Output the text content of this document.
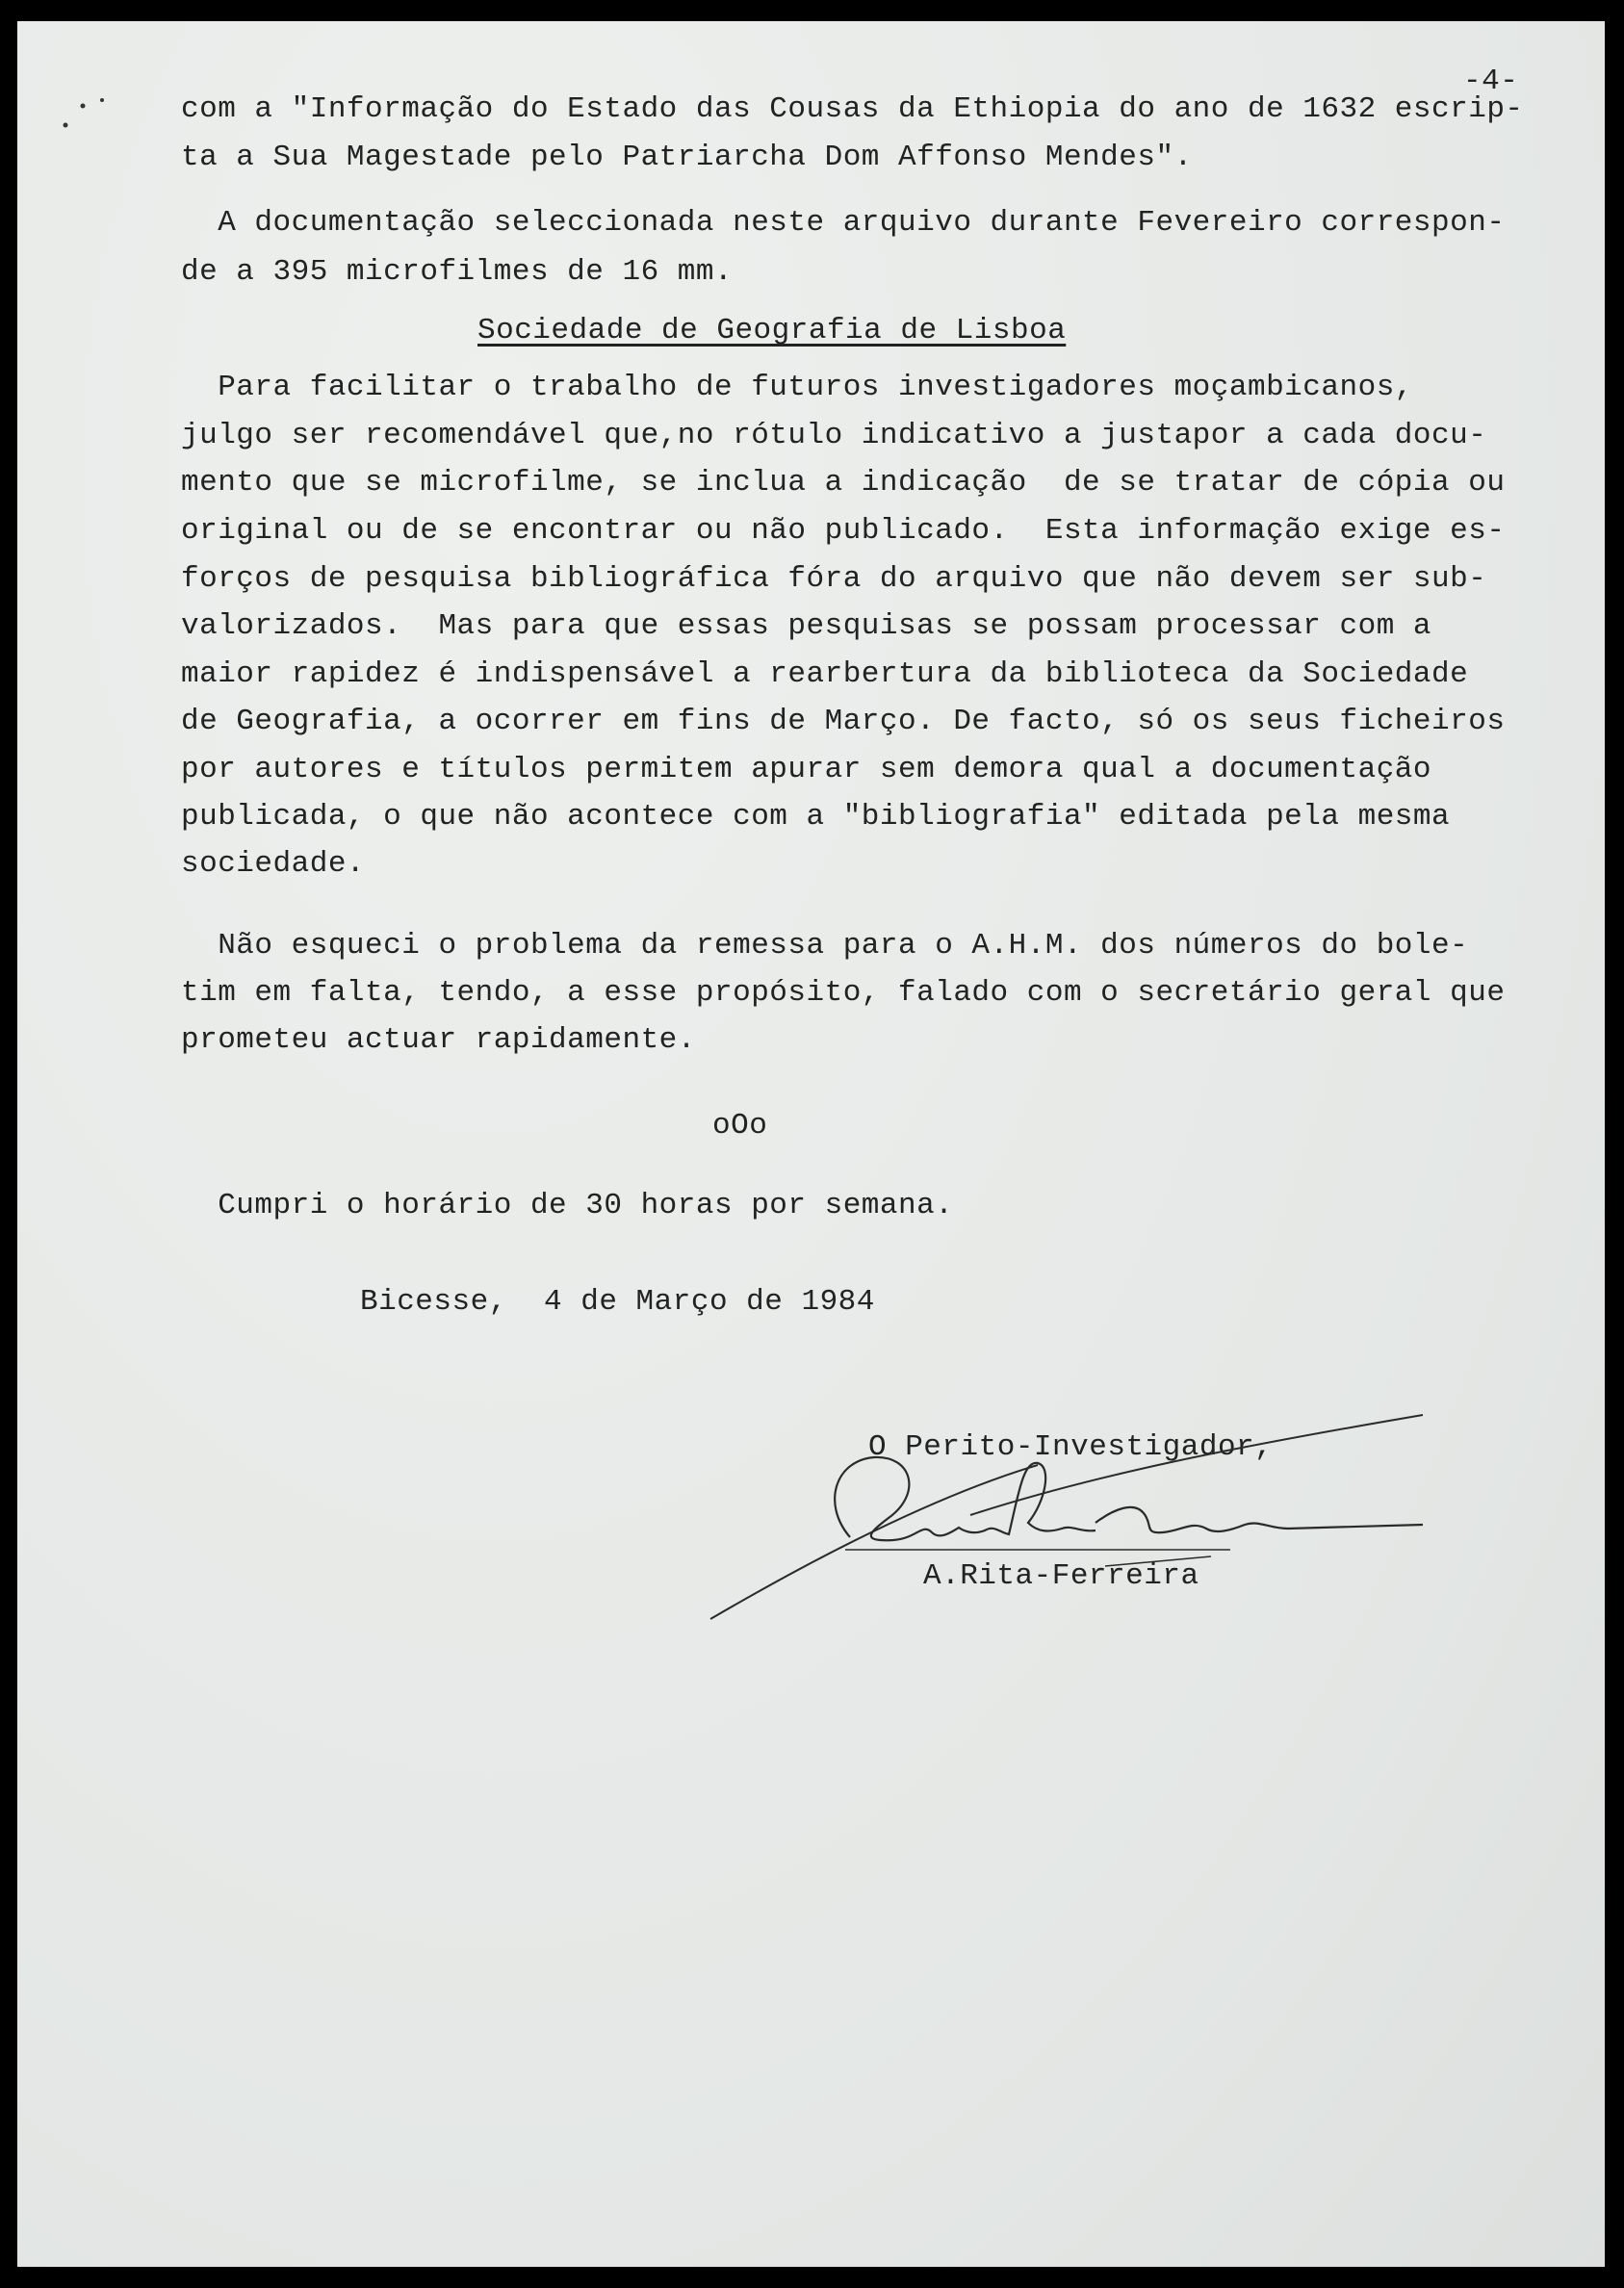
-4-
com a "Informação do Estado das Cousas da Ethiopia do ano de 1632 escrip-
ta a Sua Magestade pelo Patriarcha Dom Affonso Mendes".
A documentação seleccionada neste arquivo durante Fevereiro correspon-
de a 395 microfilmes de 16 mm.
Sociedade de Geografia de Lisboa
Para facilitar o trabalho de futuros investigadores moçambicanos,
julgo ser recomendável que,no rótulo indicativo a justapor a cada docu-
mento que se microfilme, se inclua a indicação  de se tratar de cópia ou
original ou de se encontrar ou não publicado.  Esta informação exige es-
forços de pesquisa bibliográfica fóra do arquivo que não devem ser sub-
valorizados.  Mas para que essas pesquisas se possam processar com a
maior rapidez é indispensável a rearbertura da biblioteca da Sociedade
de Geografia, a ocorrer em fins de Março. De facto, só os seus ficheiros
por autores e títulos permitem apurar sem demora qual a documentação
publicada, o que não acontece com a "bibliografia" editada pela mesma
sociedade.
Não esqueci o problema da remessa para o A.H.M. dos números do bole-
tim em falta, tendo, a esse propósito, falado com o secretário geral que
prometeu actuar rapidamente.
oOo
Cumpri o horário de 30 horas por semana.
Bicesse,  4 de Março de 1984
O Perito-Investigador,
A.Rita-Ferreira
